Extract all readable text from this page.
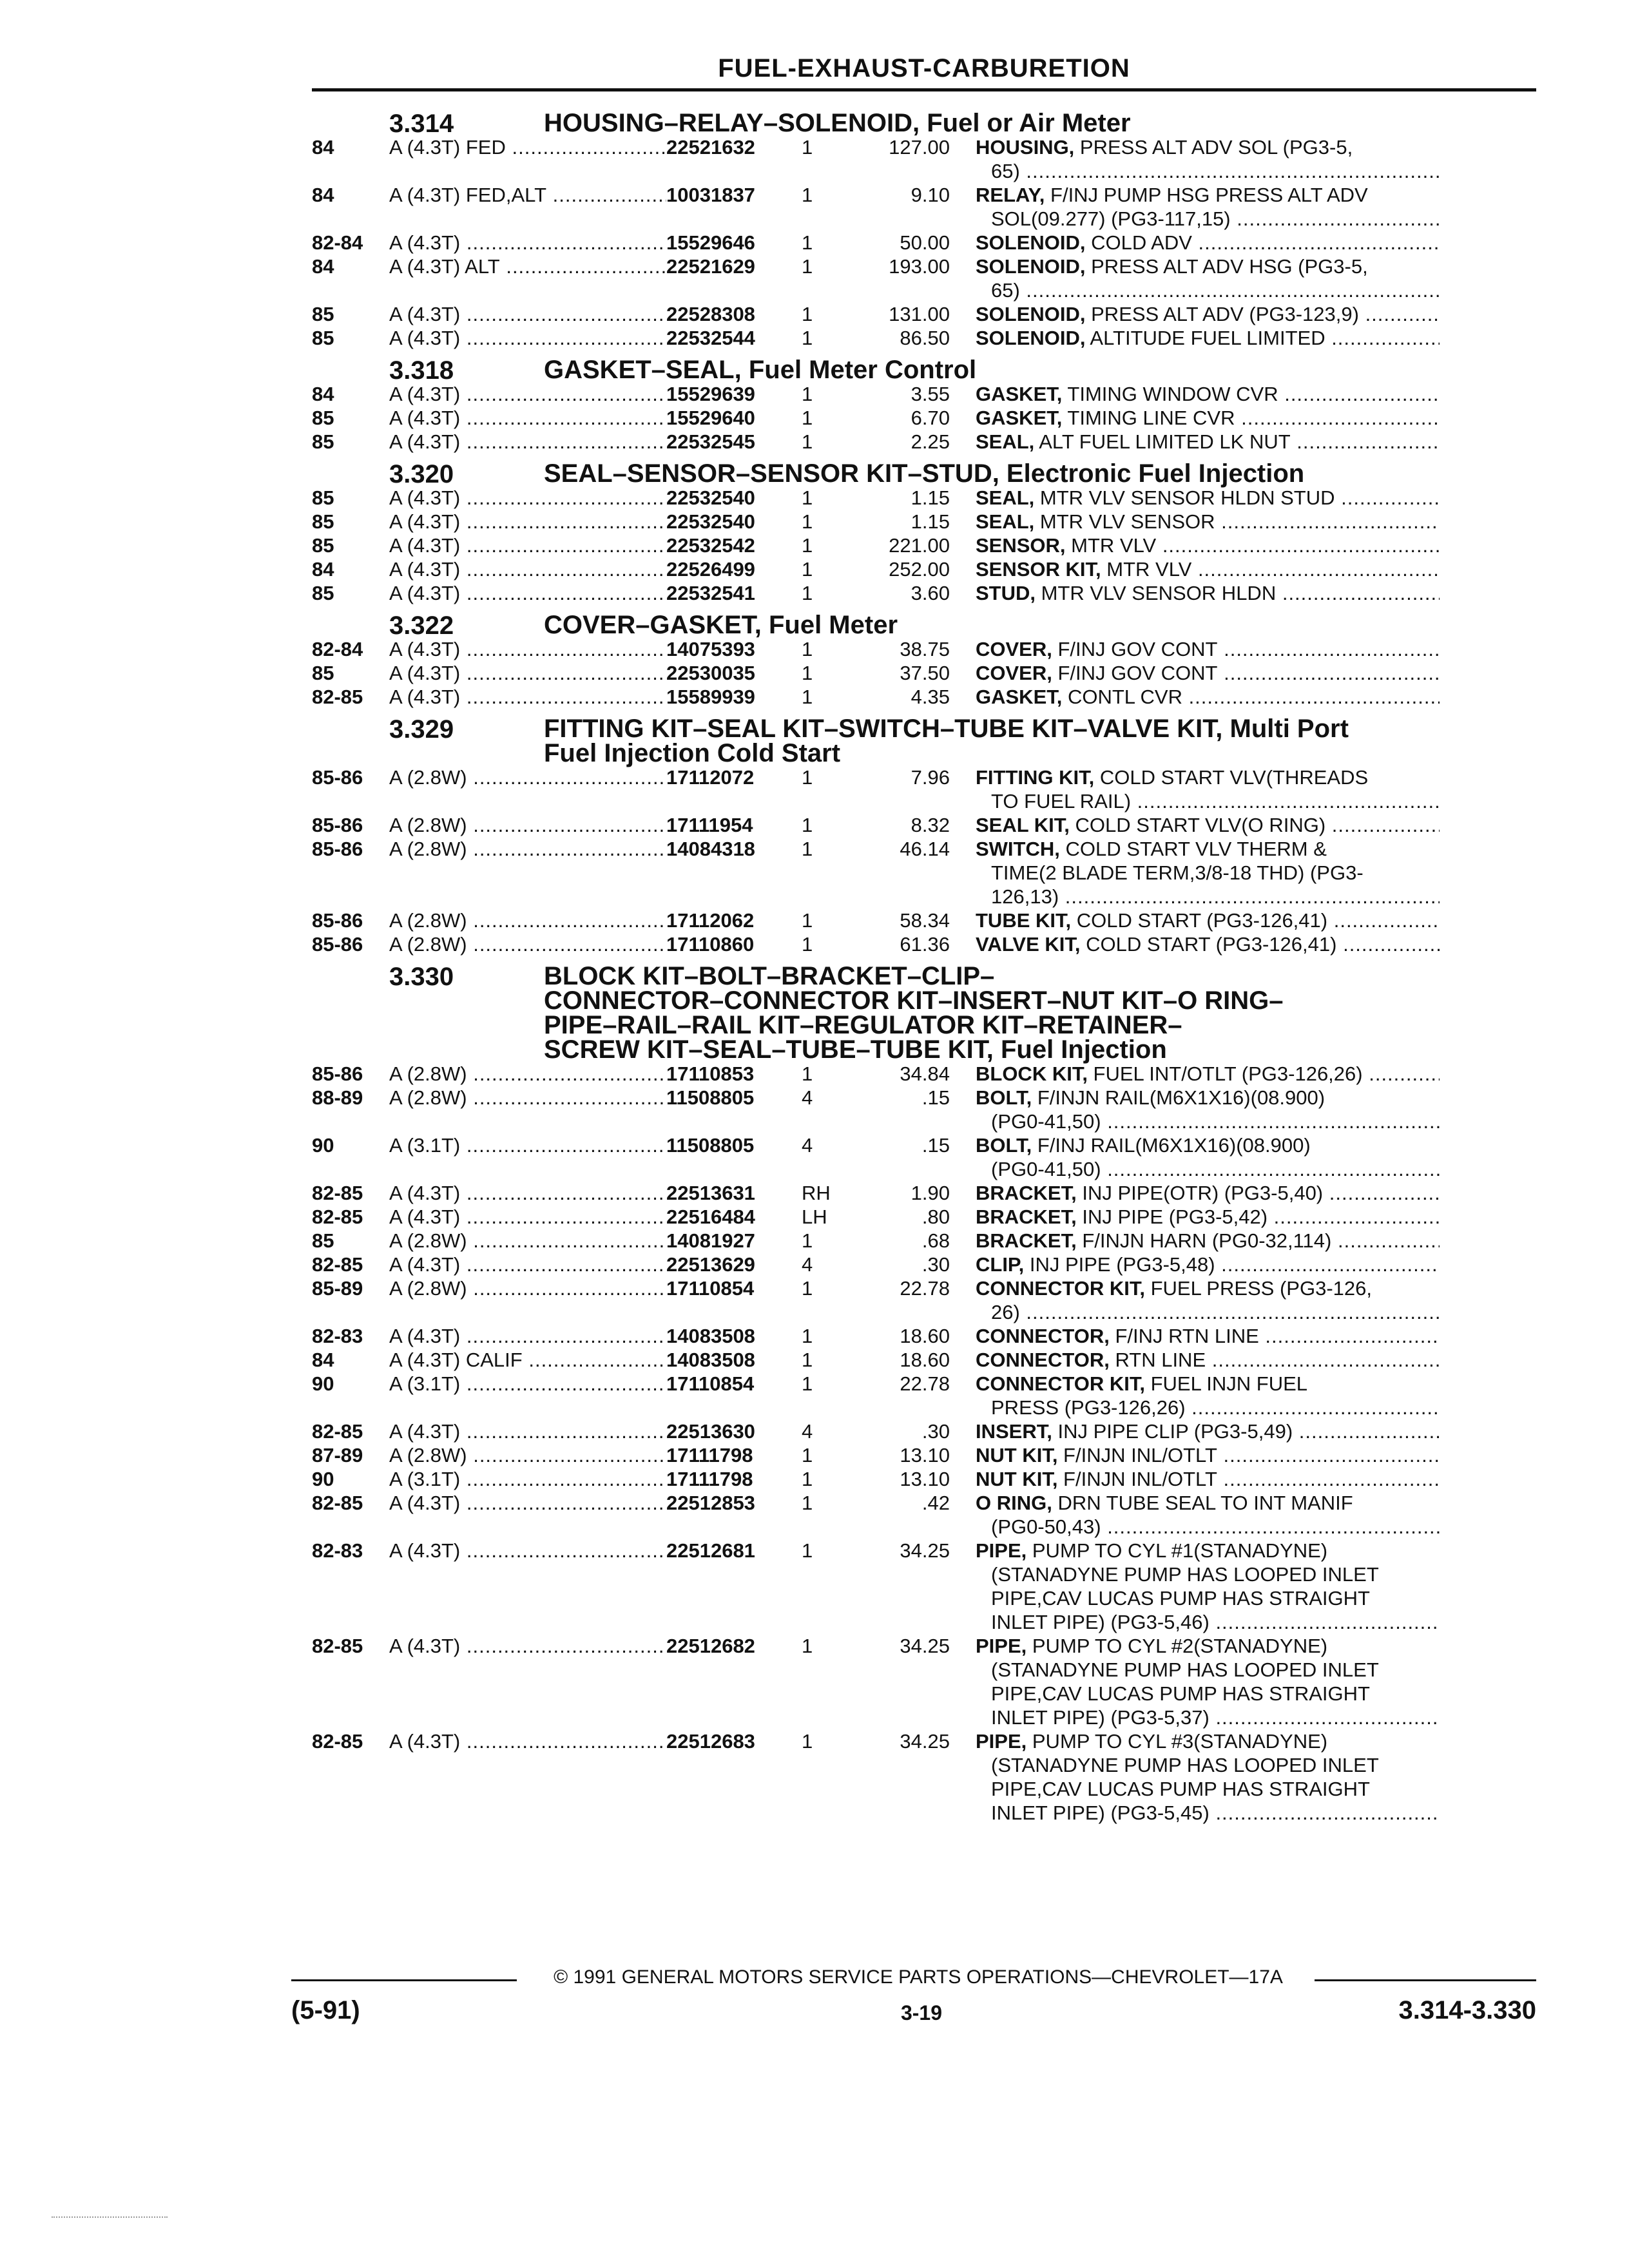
FUEL-EXHAUST-CARBURETION
3.314	HOUSING–RELAY–SOLENOID, Fuel or Air Meter
84	A (4.3T) FED .....	22521632	1	127.00	HOUSING, PRESS ALT ADV SOL (PG3-5,
65) .....
84	A (4.3T) FED,ALT .....	10031837	1	9.10	RELAY, F/INJ PUMP HSG PRESS ALT ADV
SOL(09.277) (PG3-117,15) .....
82-84	A (4.3T) .....	15529646	1	50.00	SOLENOID, COLD ADV .....
84	A (4.3T) ALT .....	22521629	1	193.00	SOLENOID, PRESS ALT ADV HSG (PG3-5,
65) .....
85	A (4.3T) .....	22528308	1	131.00	SOLENOID, PRESS ALT ADV (PG3-123,9) .....
85	A (4.3T) .....	22532544	1	86.50	SOLENOID, ALTITUDE FUEL LIMITED .....
3.318	GASKET–SEAL, Fuel Meter Control
84	A (4.3T) .....	15529639	1	3.55	GASKET, TIMING WINDOW CVR .....
85	A (4.3T) .....	15529640	1	6.70	GASKET, TIMING LINE CVR .....
85	A (4.3T) .....	22532545	1	2.25	SEAL, ALT FUEL LIMITED LK NUT .....
3.320	SEAL–SENSOR–SENSOR KIT–STUD, Electronic Fuel Injection
85	A (4.3T) .....	22532540	1	1.15	SEAL, MTR VLV SENSOR HLDN STUD .....
85	A (4.3T) .....	22532540	1	1.15	SEAL, MTR VLV SENSOR .....
85	A (4.3T) .....	22532542	1	221.00	SENSOR, MTR VLV .....
84	A (4.3T) .....	22526499	1	252.00	SENSOR KIT, MTR VLV .....
85	A (4.3T) .....	22532541	1	3.60	STUD, MTR VLV SENSOR HLDN .....
3.322	COVER–GASKET, Fuel Meter
82-84	A (4.3T) .....	14075393	1	38.75	COVER, F/INJ GOV CONT .....
85	A (4.3T) .....	22530035	1	37.50	COVER, F/INJ GOV CONT .....
82-85	A (4.3T) .....	15589939	1	4.35	GASKET, CONTL CVR .....
3.329	FITTING KIT–SEAL KIT–SWITCH–TUBE KIT–VALVE KIT, Multi Port
Fuel Injection Cold Start
85-86	A (2.8W) .....	17112072	1	7.96	FITTING KIT, COLD START VLV(THREADS
TO FUEL RAIL) .....
85-86	A (2.8W) .....	17111954	1	8.32	SEAL KIT, COLD START VLV(O RING) .....
85-86	A (2.8W) .....	14084318	1	46.14	SWITCH, COLD START VLV THERM &
TIME(2 BLADE TERM,3/8-18 THD) (PG3-
126,13) .....
85-86	A (2.8W) .....	17112062	1	58.34	TUBE KIT, COLD START (PG3-126,41) .....
85-86	A (2.8W) .....	17110860	1	61.36	VALVE KIT, COLD START (PG3-126,41) .....
3.330	BLOCK KIT–BOLT–BRACKET–CLIP–
CONNECTOR–CONNECTOR KIT–INSERT–NUT KIT–O RING–
PIPE–RAIL–RAIL KIT–REGULATOR KIT–RETAINER–
SCREW KIT–SEAL–TUBE–TUBE KIT, Fuel Injection
85-86	A (2.8W) .....	17110853	1	34.84	BLOCK KIT, FUEL INT/OTLT (PG3-126,26) .....
88-89	A (2.8W) .....	11508805	4	.15	BOLT, F/INJN RAIL(M6X1X16)(08.900)
(PG0-41,50) .....
90	A (3.1T) .....	11508805	4	.15	BOLT, F/INJ RAIL(M6X1X16)(08.900)
(PG0-41,50) .....
82-85	A (4.3T) .....	22513631	RH	1.90	BRACKET, INJ PIPE(OTR) (PG3-5,40) .....
82-85	A (4.3T) .....	22516484	LH	.80	BRACKET, INJ PIPE (PG3-5,42) .....
85	A (2.8W) .....	14081927	1	.68	BRACKET, F/INJN HARN (PG0-32,114) .....
82-85	A (4.3T) .....	22513629	4	.30	CLIP, INJ PIPE (PG3-5,48) .....
85-89	A (2.8W) .....	17110854	1	22.78	CONNECTOR KIT, FUEL PRESS (PG3-126,
26) .....
82-83	A (4.3T) .....	14083508	1	18.60	CONNECTOR, F/INJ RTN LINE .....
84	A (4.3T) CALIF .....	14083508	1	18.60	CONNECTOR, RTN LINE .....
90	A (3.1T) .....	17110854	1	22.78	CONNECTOR KIT, FUEL INJN FUEL
PRESS (PG3-126,26) .....
82-85	A (4.3T) .....	22513630	4	.30	INSERT, INJ PIPE CLIP (PG3-5,49) .....
87-89	A (2.8W) .....	17111798	1	13.10	NUT KIT, F/INJN INL/OTLT .....
90	A (3.1T) .....	17111798	1	13.10	NUT KIT, F/INJN INL/OTLT .....
82-85	A (4.3T) .....	22512853	1	.42	O RING, DRN TUBE SEAL TO INT MANIF
(PG0-50,43) .....
82-83	A (4.3T) .....	22512681	1	34.25	PIPE, PUMP TO CYL #1(STANADYNE)
(STANADYNE PUMP HAS LOOPED INLET
PIPE,CAV LUCAS PUMP HAS STRAIGHT
INLET PIPE) (PG3-5,46) .....
82-85	A (4.3T) .....	22512682	1	34.25	PIPE, PUMP TO CYL #2(STANADYNE)
(STANADYNE PUMP HAS LOOPED INLET
PIPE,CAV LUCAS PUMP HAS STRAIGHT
INLET PIPE) (PG3-5,37) .....
82-85	A (4.3T) .....	22512683	1	34.25	PIPE, PUMP TO CYL #3(STANADYNE)
(STANADYNE PUMP HAS LOOPED INLET
PIPE,CAV LUCAS PUMP HAS STRAIGHT
INLET PIPE) (PG3-5,45) .....
© 1991 GENERAL MOTORS SERVICE PARTS OPERATIONS—CHEVROLET—17A
(5-91)	3-19	3.314-3.330
